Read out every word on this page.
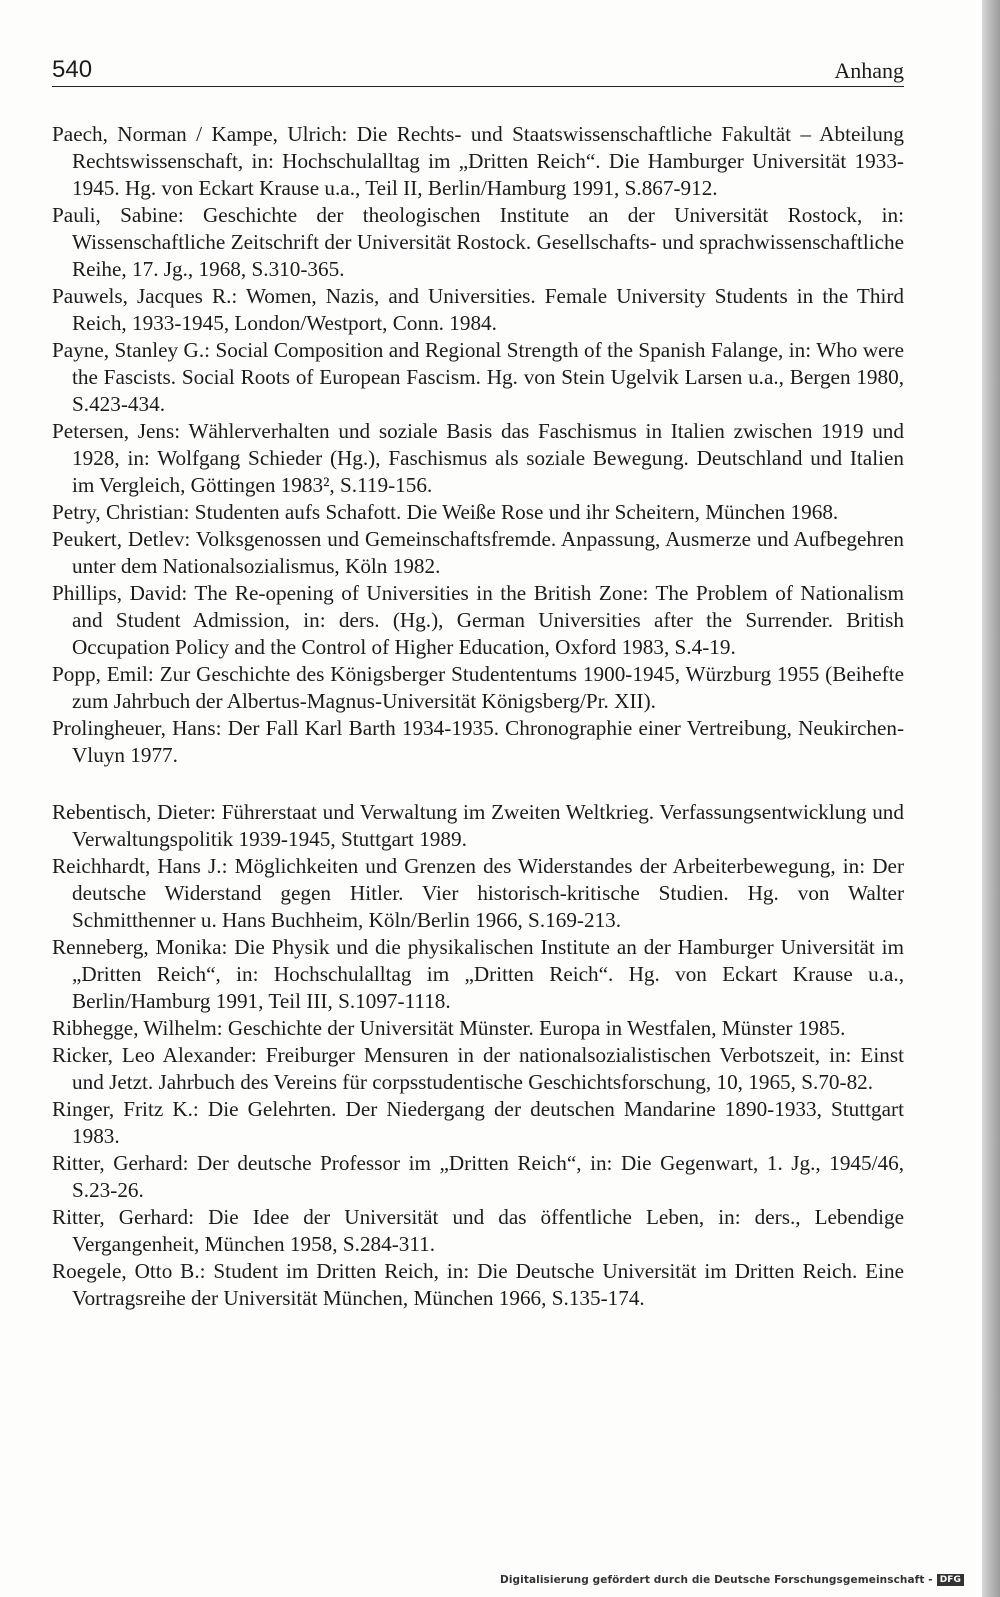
540	Anhang

Paech, Norman / Kampe, Ulrich: Die Rechts- und Staatswissenschaftliche Fakultät – Abteilung Rechtswissenschaft, in: Hochschulalltag im „Dritten Reich“. Die Hamburger Universität 1933-1945. Hg. von Eckart Krause u.a., Teil II, Berlin/Hamburg 1991, S.867-912.

Pauli, Sabine: Geschichte der theologischen Institute an der Universität Rostock, in: Wissenschaftliche Zeitschrift der Universität Rostock. Gesellschafts- und sprachwissenschaftliche Reihe, 17. Jg., 1968, S.310-365.

Pauwels, Jacques R.: Women, Nazis, and Universities. Female University Students in the Third Reich, 1933-1945, London/Westport, Conn. 1984.

Payne, Stanley G.: Social Composition and Regional Strength of the Spanish Falange, in: Who were the Fascists. Social Roots of European Fascism. Hg. von Stein Ugelvik Larsen u.a., Bergen 1980, S.423-434.

Petersen, Jens: Wählerverhalten und soziale Basis das Faschismus in Italien zwischen 1919 und 1928, in: Wolfgang Schieder (Hg.), Faschismus als soziale Bewegung. Deutschland und Italien im Vergleich, Göttingen 1983², S.119-156.

Petry, Christian: Studenten aufs Schafott. Die Weiße Rose und ihr Scheitern, München 1968.

Peukert, Detlev: Volksgenossen und Gemeinschaftsfremde. Anpassung, Ausmerze und Aufbegehren unter dem Nationalsozialismus, Köln 1982.

Phillips, David: The Re-opening of Universities in the British Zone: The Problem of Nationalism and Student Admission, in: ders. (Hg.), German Universities after the Surrender. British Occupation Policy and the Control of Higher Education, Oxford 1983, S.4-19.

Popp, Emil: Zur Geschichte des Königsberger Studententums 1900-1945, Würzburg 1955 (Beihefte zum Jahrbuch der Albertus-Magnus-Universität Königsberg/Pr. XII).

Prolingheuer, Hans: Der Fall Karl Barth 1934-1935. Chronographie einer Vertreibung, Neukirchen-Vluyn 1977.

Rebentisch, Dieter: Führerstaat und Verwaltung im Zweiten Weltkrieg. Verfassungsentwicklung und Verwaltungspolitik 1939-1945, Stuttgart 1989.

Reichhardt, Hans J.: Möglichkeiten und Grenzen des Widerstandes der Arbeiterbewegung, in: Der deutsche Widerstand gegen Hitler. Vier historisch-kritische Studien. Hg. von Walter Schmitthenner u. Hans Buchheim, Köln/Berlin 1966, S.169-213.

Renneberg, Monika: Die Physik und die physikalischen Institute an der Hamburger Universität im „Dritten Reich“, in: Hochschulalltag im „Dritten Reich“. Hg. von Eckart Krause u.a., Berlin/Hamburg 1991, Teil III, S.1097-1118.

Ribhegge, Wilhelm: Geschichte der Universität Münster. Europa in Westfalen, Münster 1985.

Ricker, Leo Alexander: Freiburger Mensuren in der nationalsozialistischen Verbotszeit, in: Einst und Jetzt. Jahrbuch des Vereins für corpsstudentische Geschichtsforschung, 10, 1965, S.70-82.

Ringer, Fritz K.: Die Gelehrten. Der Niedergang der deutschen Mandarine 1890-1933, Stuttgart 1983.

Ritter, Gerhard: Der deutsche Professor im „Dritten Reich“, in: Die Gegenwart, 1. Jg., 1945/46, S.23-26.

Ritter, Gerhard: Die Idee der Universität und das öffentliche Leben, in: ders., Lebendige Vergangenheit, München 1958, S.284-311.

Roegele, Otto B.: Student im Dritten Reich, in: Die Deutsche Universität im Dritten Reich. Eine Vortragsreihe der Universität München, München 1966, S.135-174.

Digitalisierung gefördert durch die Deutsche Forschungsgemeinschaft - DFG
